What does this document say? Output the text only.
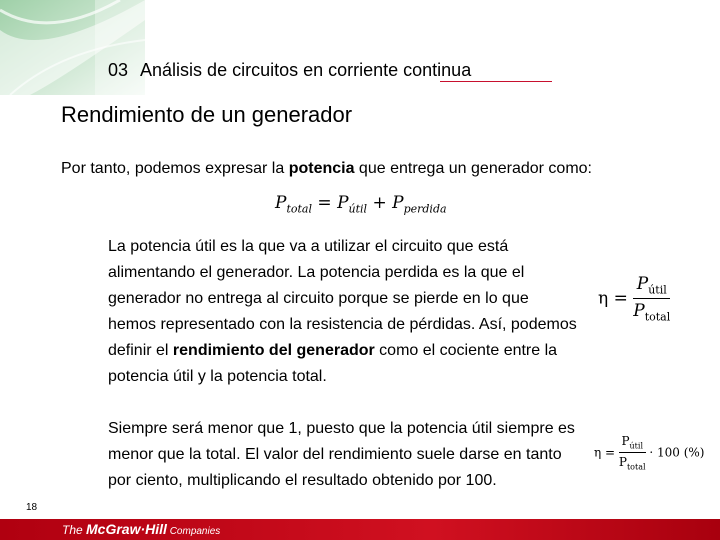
03 Análisis de circuitos en corriente continua
Rendimiento de un generador
Por tanto, podemos expresar la potencia que entrega un generador como:
$P_{total} = P_{útil} + P_{perdida}$
La potencia útil es la que va a utilizar el circuito que está alimentando el generador. La potencia perdida es la que el generador no entrega al circuito porque se pierde en lo que hemos representado con la resistencia de pérdidas. Así, podemos definir el rendimiento del generador como el cociente entre la potencia útil y la potencia total.
$\eta = \frac{P_{útil}}{P_{total}}$
Siempre será menor que 1, puesto que la potencia útil siempre es menor que la total. El valor del rendimiento suele darse en tanto por ciento, multiplicando el resultado obtenido por 100.
$\eta = \frac{P_{útil}}{P_{total}} \cdot 100$ (%)
18
The McGraw·Hill Companies
